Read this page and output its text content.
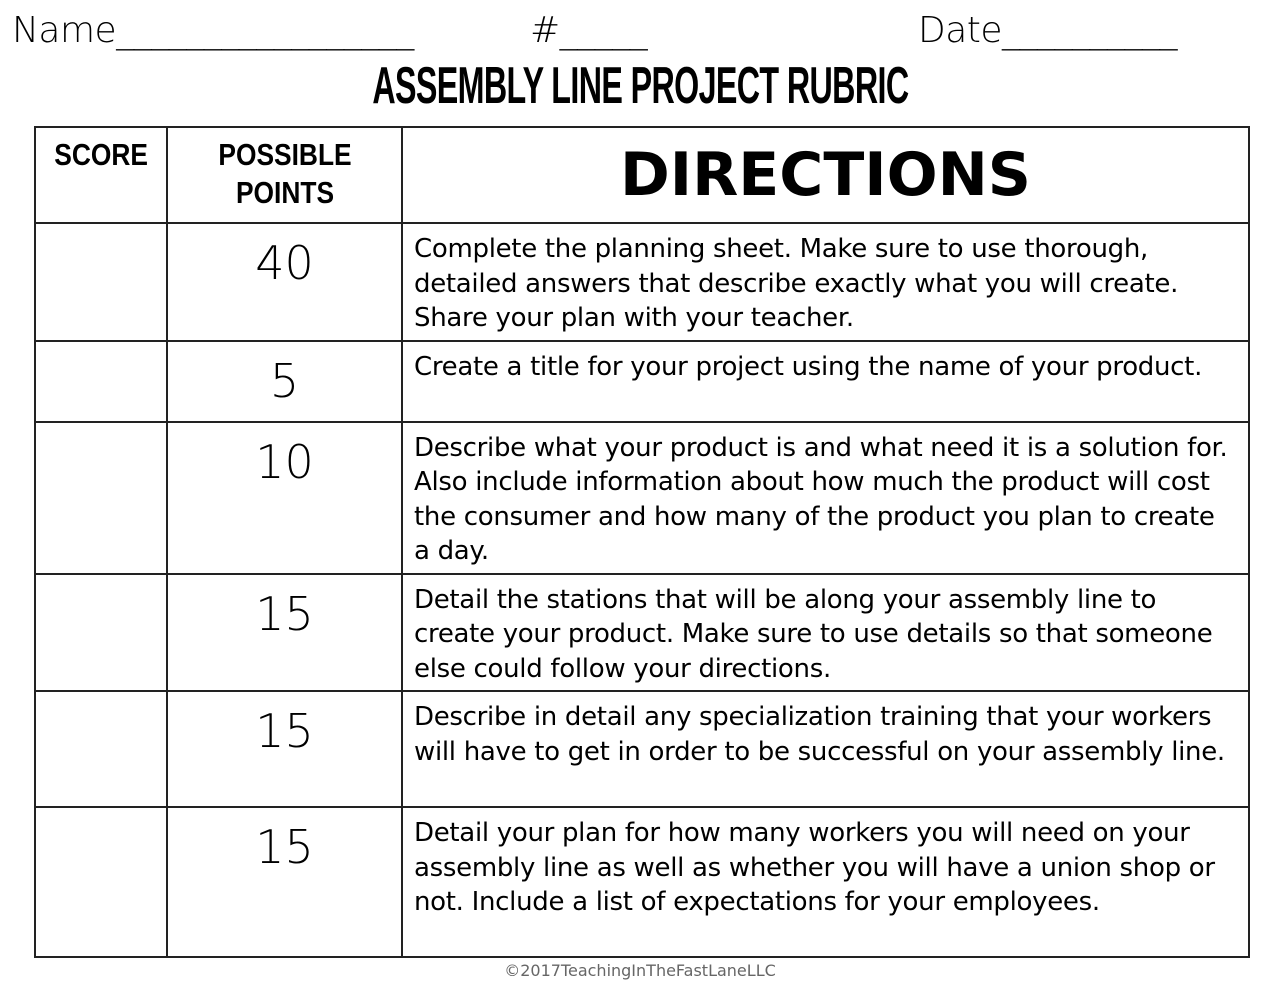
Name_________________	#_____	Date__________
ASSEMBLY LINE PROJECT RUBRIC
SCORE	POSSIBLE POINTS	DIRECTIONS
	40	Complete the planning sheet. Make sure to use thorough, detailed answers that describe exactly what you will create. Share your plan with your teacher.
	5	Create a title for your project using the name of your product.
	10	Describe what your product is and what need it is a solution for. Also include information about how much the product will cost the consumer and how many of the product you plan to create a day.
	15	Detail the stations that will be along your assembly line to create your product. Make sure to use details so that someone else could follow your directions.
	15	Describe in detail any specialization training that your workers will have to get in order to be successful on your assembly line.
	15	Detail your plan for how many workers you will need on your assembly line as well as whether you will have a union shop or not. Include a list of expectations for your employees.
©2017TeachingInTheFastLaneLLC
